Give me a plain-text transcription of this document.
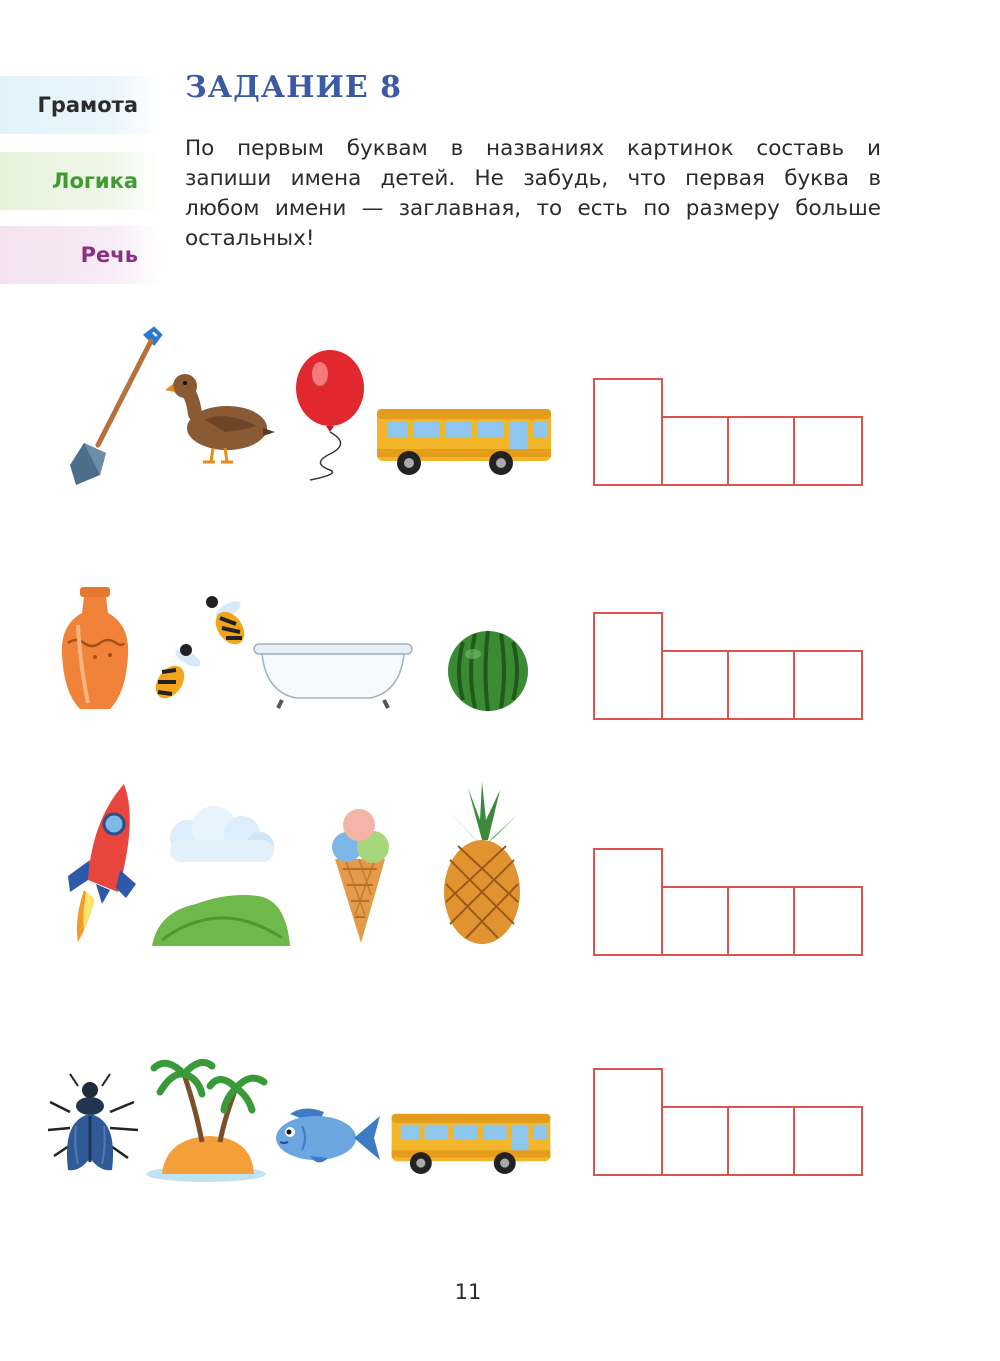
Грамота
Логика
Речь
ЗАДАНИЕ 8
По первым буквам в названиях картинок составь и
запиши имена детей. Не забудь, что первая буква в
любом имени — заглавная, то есть по размеру больше
остальных!
11
